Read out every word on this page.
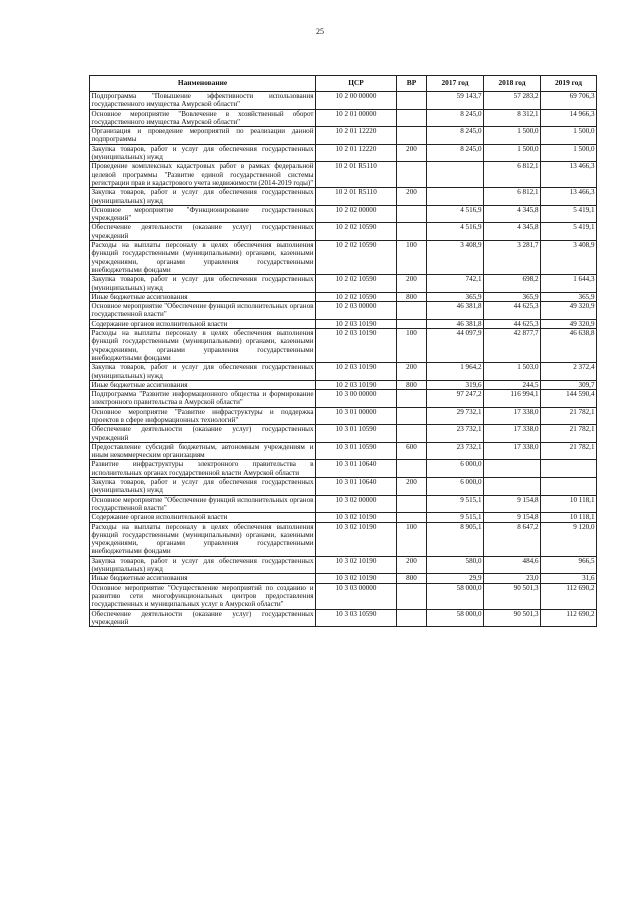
25
Наименование	ЦСР	ВР	2017 год	2018 год	2019 год
Подпрограмма "Повышение эффективности использования государственного имущества Амурской области"	10 2 00 00000		59 143,7	57 283,2	69 706,3
Основное мероприятие "Вовлечение в хозяйственный оборот государственного имущества Амурской области"	10 2 01 00000		8 245,0	8 312,1	14 966,3
Организация и проведение мероприятий по реализации данной подпрограммы	10 2 01 12220		8 245,0	1 500,0	1 500,0
Закупка товаров, работ и услуг для обеспечения государственных (муниципальных) нужд	10 2 01 12220	200	8 245,0	1 500,0	1 500,0
Проведение комплексных кадастровых работ в рамках федеральной целевой программы "Развитие единой государственной системы регистрации прав и кадастрового учета недвижимости (2014-2019 годы)"	10 2 01 R5110			6 812,1	13 466,3
Закупка товаров, работ и услуг для обеспечения государственных (муниципальных) нужд	10 2 01 R5110	200		6 812,1	13 466,3
Основное мероприятие "Функционирование государственных учреждений"	10 2 02 00000		4 516,9	4 345,8	5 419,1
Обеспечение деятельности (оказание услуг) государственных учреждений	10 2 02 10590		4 516,9	4 345,8	5 419,1
Расходы на выплаты персоналу в целях обеспечения выполнения функций государственными (муниципальными) органами, казенными учреждениями, органами управления государственными внебюджетными фондами	10 2 02 10590	100	3 408,9	3 281,7	3 408,9
Закупка товаров, работ и услуг для обеспечения государственных (муниципальных) нужд	10 2 02 10590	200	742,1	698,2	1 644,3
Иные бюджетные ассигнования	10 2 02 10590	800	365,9	365,9	365,9
Основное мероприятие "Обеспечение функций исполнительных органов государственной власти"	10 2 03 00000		46 381,8	44 625,3	49 320,9
Содержание органов исполнительной власти	10 2 03 10190		46 381,8	44 625,3	49 320,9
Расходы на выплаты персоналу в целях обеспечения выполнения функций государственными (муниципальными) органами, казенными учреждениями, органами управления государственными внебюджетными фондами	10 2 03 10190	100	44 097,9	42 877,7	46 638,8
Закупка товаров, работ и услуг для обеспечения государственных (муниципальных) нужд	10 2 03 10190	200	1 964,2	1 503,0	2 372,4
Иные бюджетные ассигнования	10 2 03 10190	800	319,6	244,5	309,7
Подпрограмма "Развитие информационного общества и формирование электронного правительства в Амурской области"	10 3 00 00000		97 247,2	116 994,1	144 590,4
Основное мероприятие "Развитие инфраструктуры и поддержка проектов в сфере информационных технологий"	10 3 01 00000		29 732,1	17 338,0	21 782,1
Обеспечение деятельности (оказание услуг) государственных учреждений	10 3 01 10590		23 732,1	17 338,0	21 782,1
Предоставление субсидий бюджетным, автономным учреждениям и иным некоммерческим организациям	10 3 01 10590	600	23 732,1	17 338,0	21 782,1
Развитие инфраструктуры электронного правительства в исполнительных органах государственной власти Амурской области	10 3 01 10640		6 000,0		
Закупка товаров, работ и услуг для обеспечения государственных (муниципальных) нужд	10 3 01 10640	200	6 000,0		
Основное мероприятие "Обеспечение функций исполнительных органов государственной власти"	10 3 02 00000		9 515,1	9 154,8	10 118,1
Содержание органов исполнительной власти	10 3 02 10190		9 515,1	9 154,8	10 118,1
Расходы на выплаты персоналу в целях обеспечения выполнения функций государственными (муниципальными) органами, казенными учреждениями, органами управления государственными внебюджетными фондами	10 3 02 10190	100	8 905,1	8 647,2	9 120,0
Закупка товаров, работ и услуг для обеспечения государственных (муниципальных) нужд	10 3 02 10190	200	580,0	484,6	966,5
Иные бюджетные ассигнования	10 3 02 10190	800	29,9	23,0	31,6
Основное мероприятие "Осуществление мероприятий по созданию и развитию сети многофункциональных центров предоставления государственных и муниципальных услуг в Амурской области"	10 3 03 00000		58 000,0	90 501,3	112 690,2
Обеспечение деятельности (оказание услуг) государственных учреждений	10 3 03 10590		58 000,0	90 501,3	112 690,2
